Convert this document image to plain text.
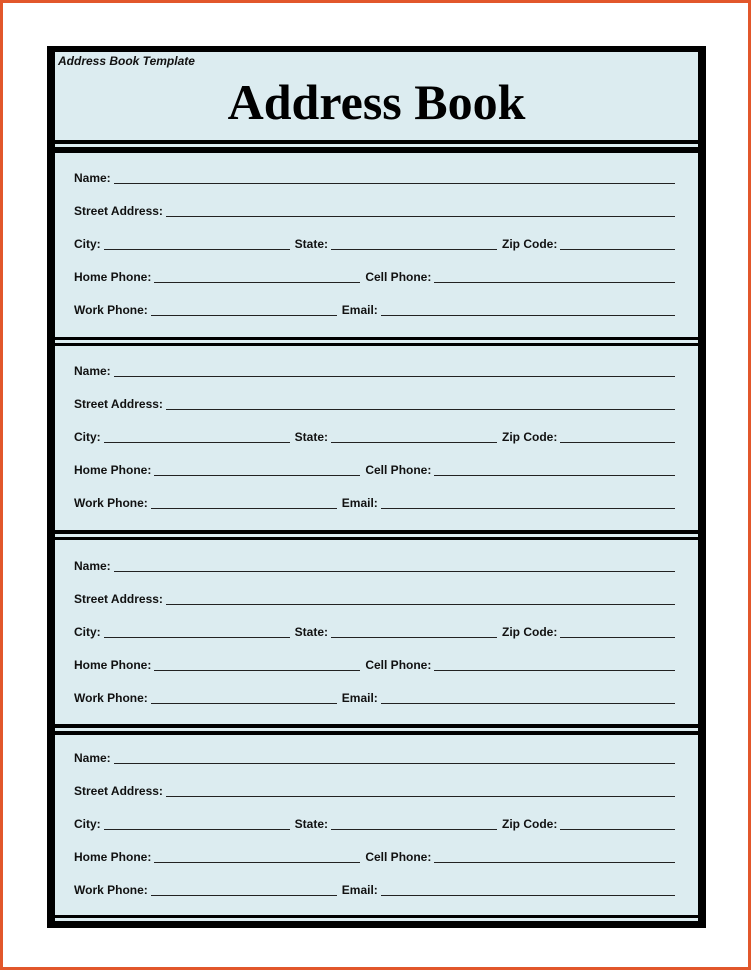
Address Book Template
Address Book
Name:
Street Address:
City:	State:	Zip Code:
Home Phone:	Cell Phone:
Work Phone:	Email:
Name:
Street Address:
City:	State:	Zip Code:
Home Phone:	Cell Phone:
Work Phone:	Email:
Name:
Street Address:
City:	State:	Zip Code:
Home Phone:	Cell Phone:
Work Phone:	Email:
Name:
Street Address:
City:	State:	Zip Code:
Home Phone:	Cell Phone:
Work Phone:	Email:
